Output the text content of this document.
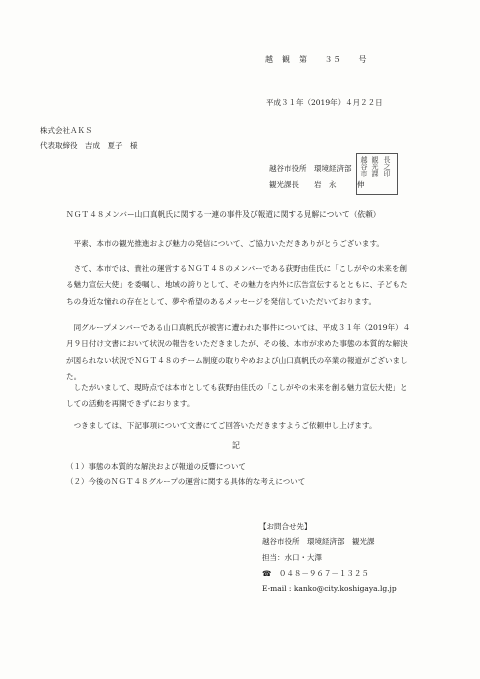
越　観　第　　３５　　号
平成３１年（2019年）４月２２日
株式会社ＡＫＳ
代表取締役　吉成　夏子　様
越谷市役所　環境経済部
観光課長　　岩　永	伸
越谷市 観光課 長之印
ＮＧＴ４８メンバー山口真帆氏に関する一連の事件及び報道に関する見解について（依頼）
平素、本市の観光推進および魅力の発信について、ご協力いただきありがとうございます。
さて、本市では、貴社の運営するＮＧＴ４８のメンバーである荻野由佳氏に「こしがやの未来を創る魅力宣伝大使」を委嘱し、地域の誇りとして、その魅力を内外に広告宣伝するとともに、子どもたちの身近な憧れの存在として、夢や希望のあるメッセージを発信していただいております。
同グループメンバーである山口真帆氏が被害に遭われた事件については、平成３１年（2019年）４月９日付け文書において状況の報告をいただきましたが、その後、本市が求めた事態の本質的な解決が図られない状況でＮＧＴ４８のチーム制度の取りやめおよび山口真帆氏の卒業の報道がございました。
したがいまして、現時点では本市としても荻野由佳氏の「こしがやの未来を創る魅力宣伝大使」としての活動を再開できずにおります。
つきましては、下記事項について文書にてご回答いただきますようご依頼申し上げます。
記
（１）事態の本質的な解決および報道の反響について
（２）今後のＮＧＴ４８グループの運営に関する具体的な考えについて
【お問合せ先】
越谷市役所　環境経済部　観光課
担当：水口・大澤
☎　０４８－９６７－１３２５
E-mail : kanko@city.koshigaya.lg.jp
